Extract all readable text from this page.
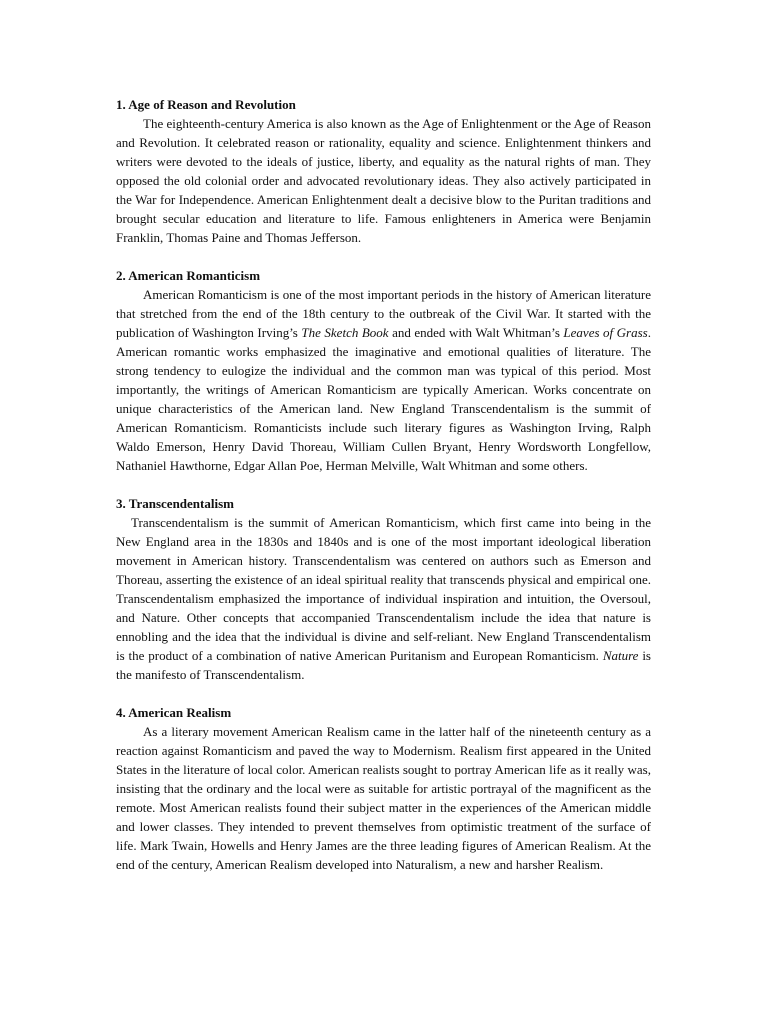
1. Age of Reason and Revolution

The eighteenth-century America is also known as the Age of Enlightenment or the Age of Reason and Revolution. It celebrated reason or rationality, equality and science. Enlightenment thinkers and writers were devoted to the ideals of justice, liberty, and equality as the natural rights of man. They opposed the old colonial order and advocated revolutionary ideas. They also actively participated in the War for Independence. American Enlightenment dealt a decisive blow to the Puritan traditions and brought secular education and literature to life. Famous enlighteners in America were Benjamin Franklin, Thomas Paine and Thomas Jefferson.

2. American Romanticism

American Romanticism is one of the most important periods in the history of American literature that stretched from the end of the 18th century to the outbreak of the Civil War. It started with the publication of Washington Irving’s The Sketch Book and ended with Walt Whitman’s Leaves of Grass. American romantic works emphasized the imaginative and emotional qualities of literature. The strong tendency to eulogize the individual and the common man was typical of this period. Most importantly, the writings of American Romanticism are typically American. Works concentrate on unique characteristics of the American land. New England Transcendentalism is the summit of American Romanticism. Romanticists include such literary figures as Washington Irving, Ralph Waldo Emerson, Henry David Thoreau, William Cullen Bryant, Henry Wordsworth Longfellow, Nathaniel Hawthorne, Edgar Allan Poe, Herman Melville, Walt Whitman and some others.

3. Transcendentalism

Transcendentalism is the summit of American Romanticism, which first came into being in the New England area in the 1830s and 1840s and is one of the most important ideological liberation movement in American history. Transcendentalism was centered on authors such as Emerson and Thoreau, asserting the existence of an ideal spiritual reality that transcends physical and empirical one. Transcendentalism emphasized the importance of individual inspiration and intuition, the Oversoul, and Nature. Other concepts that accompanied Transcendentalism include the idea that nature is ennobling and the idea that the individual is divine and self-reliant. New England Transcendentalism is the product of a combination of native American Puritanism and European Romanticism. Nature is the manifesto of Transcendentalism.

4. American Realism

As a literary movement American Realism came in the latter half of the nineteenth century as a reaction against Romanticism and paved the way to Modernism. Realism first appeared in the United States in the literature of local color. American realists sought to portray American life as it really was, insisting that the ordinary and the local were as suitable for artistic portrayal of the magnificent as the remote. Most American realists found their subject matter in the experiences of the American middle and lower classes. They intended to prevent themselves from optimistic treatment of the surface of life. Mark Twain, Howells and Henry James are the three leading figures of American Realism. At the end of the century, American Realism developed into Naturalism, a new and harsher Realism.
